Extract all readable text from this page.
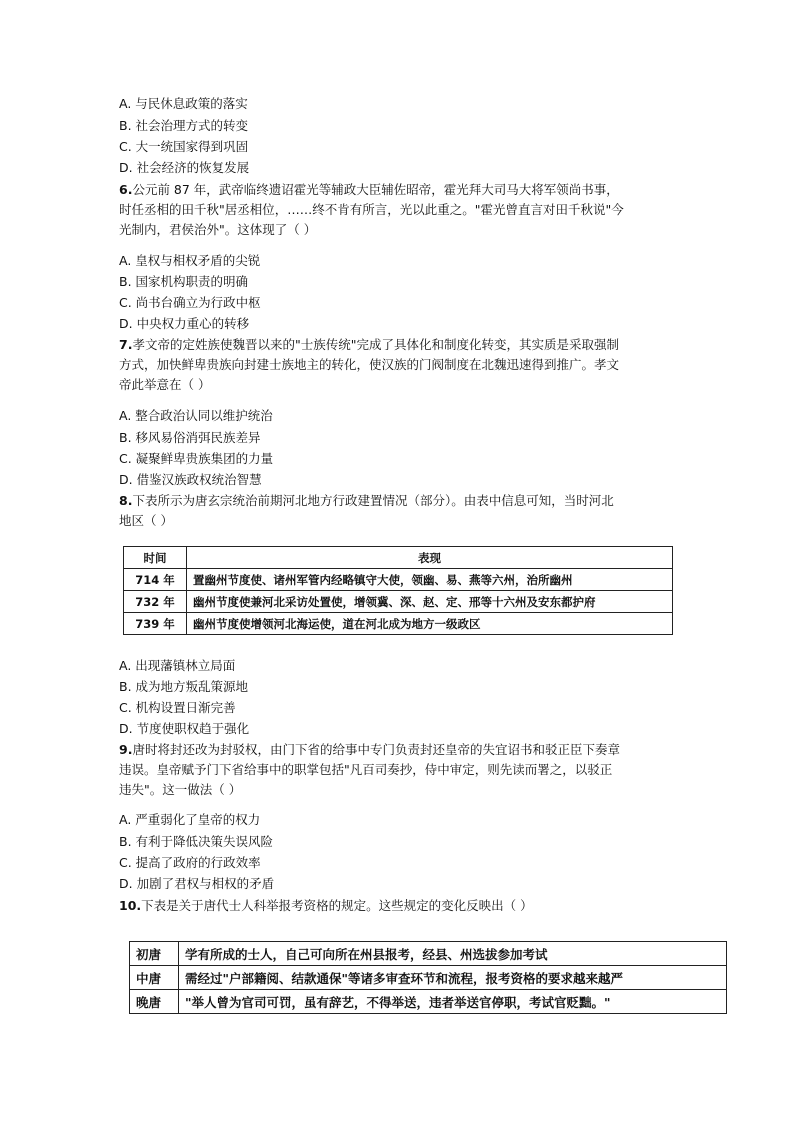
A. 与民休息政策的落实
B. 社会治理方式的转变
C. 大一统国家得到巩固
D. 社会经济的恢复发展
6.公元前 87 年，武帝临终遗诏霍光等辅政大臣辅佐昭帝，霍光拜大司马大将军领尚书事，
时任丞相的田千秋"居丞相位，……终不肯有所言，光以此重之。"霍光曾直言对田千秋说"今
光制内，君侯治外"。这体现了（ ）
A. 皇权与相权矛盾的尖锐
B. 国家机构职责的明确
C. 尚书台确立为行政中枢
D. 中央权力重心的转移
7.孝文帝的定姓族使魏晋以来的"士族传统"完成了具体化和制度化转变，其实质是采取强制
方式，加快鲜卑贵族向封建士族地主的转化，使汉族的门阀制度在北魏迅速得到推广。孝文
帝此举意在（ ）
A. 整合政治认同以维护统治
B. 移风易俗消弭民族差异
C. 凝聚鲜卑贵族集团的力量
D. 借鉴汉族政权统治智慧
8.下表所示为唐玄宗统治前期河北地方行政建置情况（部分）。由表中信息可知，当时河北
地区（ ）
时间	表现
714 年	置幽州节度使、诸州军管内经略镇守大使，领幽、易、燕等六州，治所幽州
732 年	幽州节度使兼河北采访处置使，增领冀、深、赵、定、邢等十六州及安东都护府
739 年	幽州节度使增领河北海运使，道在河北成为地方一级政区
A. 出现藩镇林立局面
B. 成为地方叛乱策源地
C. 机构设置日渐完善
D. 节度使职权趋于强化
9.唐时将封还改为封驳权，由门下省的给事中专门负责封还皇帝的失宜诏书和驳正臣下奏章
违误。皇帝赋予门下省给事中的职掌包括"凡百司奏抄，侍中审定，则先读而署之，以驳正
违失"。这一做法（ ）
A. 严重弱化了皇帝的权力
B. 有利于降低决策失误风险
C. 提高了政府的行政效率
D. 加剧了君权与相权的矛盾
10.下表是关于唐代士人科举报考资格的规定。这些规定的变化反映出（ ）
初唐	学有所成的士人，自己可向所在州县报考，经县、州选拔参加考试
中唐	需经过"户部籍阅、结款通保"等诸多审查环节和流程，报考资格的要求越来越严
晚唐	"举人曾为官司可罚，虽有辞艺，不得举送，违者举送官停职，考试官贬黜。"
